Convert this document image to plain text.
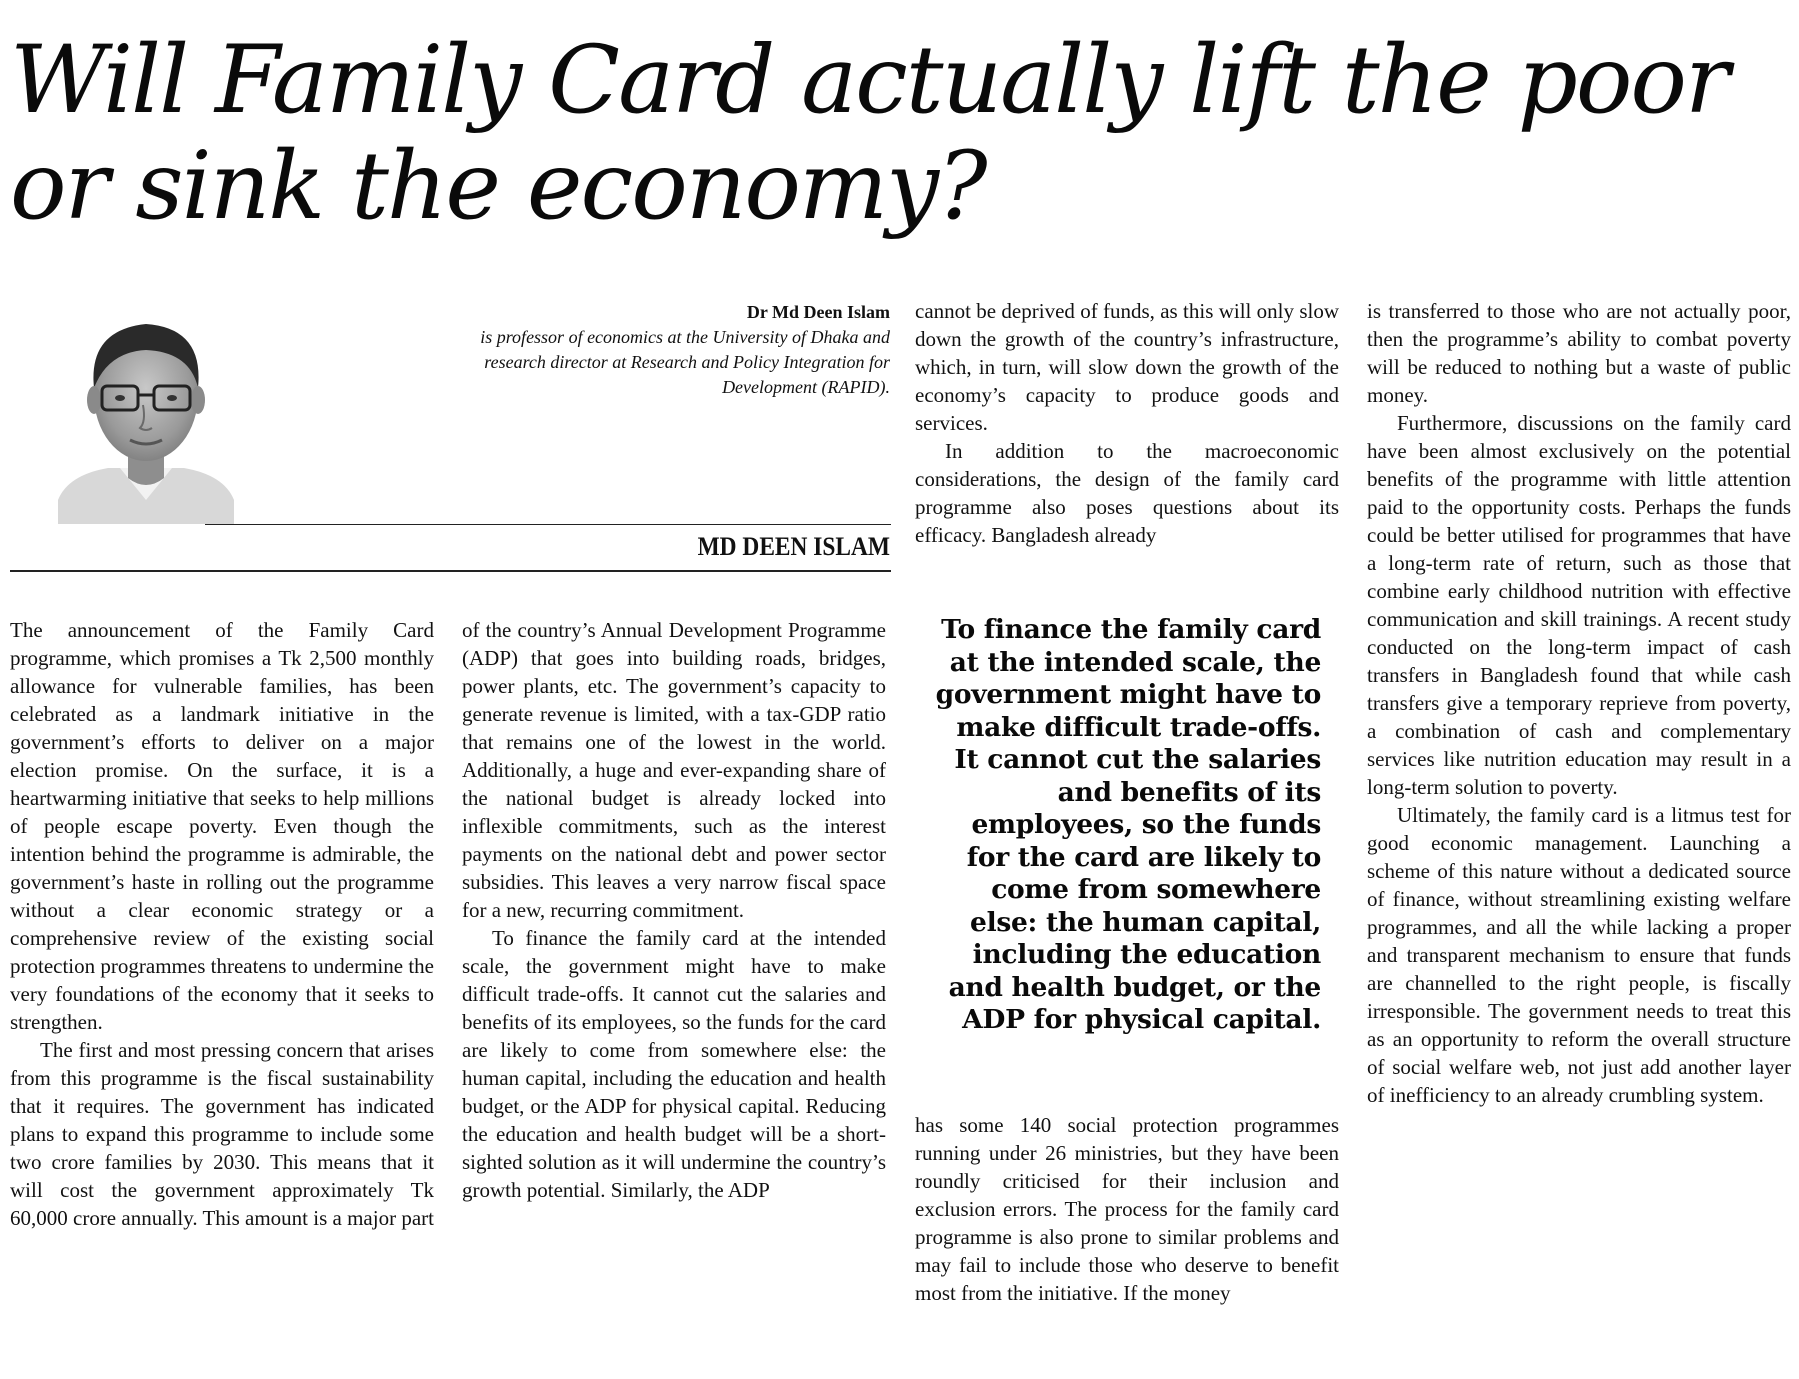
Will Family Card actually lift the poor or sink the economy?
Dr Md Deen Islam
is professor of economics at the University of Dhaka and research director at Research and Policy Integration for Development (RAPID).
MD DEEN ISLAM

The announcement of the Family Card programme, which promises a Tk 2,500 monthly allowance for vulnerable families, has been celebrated as a landmark initiative in the government’s efforts to deliver on a major election promise. On the surface, it is a heartwarming initiative that seeks to help millions of people escape poverty. Even though the intention behind the programme is admirable, the government’s haste in rolling out the programme without a clear economic strategy or a comprehensive review of the existing social protection programmes threatens to undermine the very foundations of the economy that it seeks to strengthen.

The first and most pressing concern that arises from this programme is the fiscal sustainability that it requires. The government has indicated plans to expand this programme to include some two crore families by 2030. This means that it will cost the government approximately Tk 60,000 crore annually. This amount is a major part

of the country’s Annual Development Programme (ADP) that goes into building roads, bridges, power plants, etc. The government’s capacity to generate revenue is limited, with a tax-GDP ratio that remains one of the lowest in the world. Additionally, a huge and ever-expanding share of the national budget is already locked into inflexible commitments, such as the interest payments on the national debt and power sector subsidies. This leaves a very narrow fiscal space for a new, recurring commitment.

To finance the family card at the intended scale, the government might have to make difficult trade-offs. It cannot cut the salaries and benefits of its employees, so the funds for the card are likely to come from somewhere else: the human capital, including the education and health budget, or the ADP for physical capital. Reducing the education and health budget will be a short-sighted solution as it will undermine the country’s growth potential. Similarly, the ADP

cannot be deprived of funds, as this will only slow down the growth of the country’s infrastructure, which, in turn, will slow down the growth of the economy’s capacity to produce goods and services.

In addition to the macroeconomic considerations, the design of the family card programme also poses questions about its efficacy. Bangladesh already

To finance the family card at the intended scale, the government might have to make difficult trade-offs. It cannot cut the salaries and benefits of its employees, so the funds for the card are likely to come from somewhere else: the human capital, including the education and health budget, or the ADP for physical capital.

has some 140 social protection programmes running under 26 ministries, but they have been roundly criticised for their inclusion and exclusion errors. The process for the family card programme is also prone to similar problems and may fail to include those who deserve to benefit most from the initiative. If the money

is transferred to those who are not actually poor, then the programme’s ability to combat poverty will be reduced to nothing but a waste of public money.

Furthermore, discussions on the family card have been almost exclusively on the potential benefits of the programme with little attention paid to the opportunity costs. Perhaps the funds could be better utilised for programmes that have a long-term rate of return, such as those that combine early childhood nutrition with effective communication and skill trainings. A recent study conducted on the long-term impact of cash transfers in Bangladesh found that while cash transfers give a temporary reprieve from poverty, a combination of cash and complementary services like nutrition education may result in a long-term solution to poverty.

Ultimately, the family card is a litmus test for good economic management. Launching a scheme of this nature without a dedicated source of finance, without streamlining existing welfare programmes, and all the while lacking a proper and transparent mechanism to ensure that funds are channelled to the right people, is fiscally irresponsible. The government needs to treat this as an opportunity to reform the overall structure of social welfare web, not just add another layer of inefficiency to an already crumbling system.
